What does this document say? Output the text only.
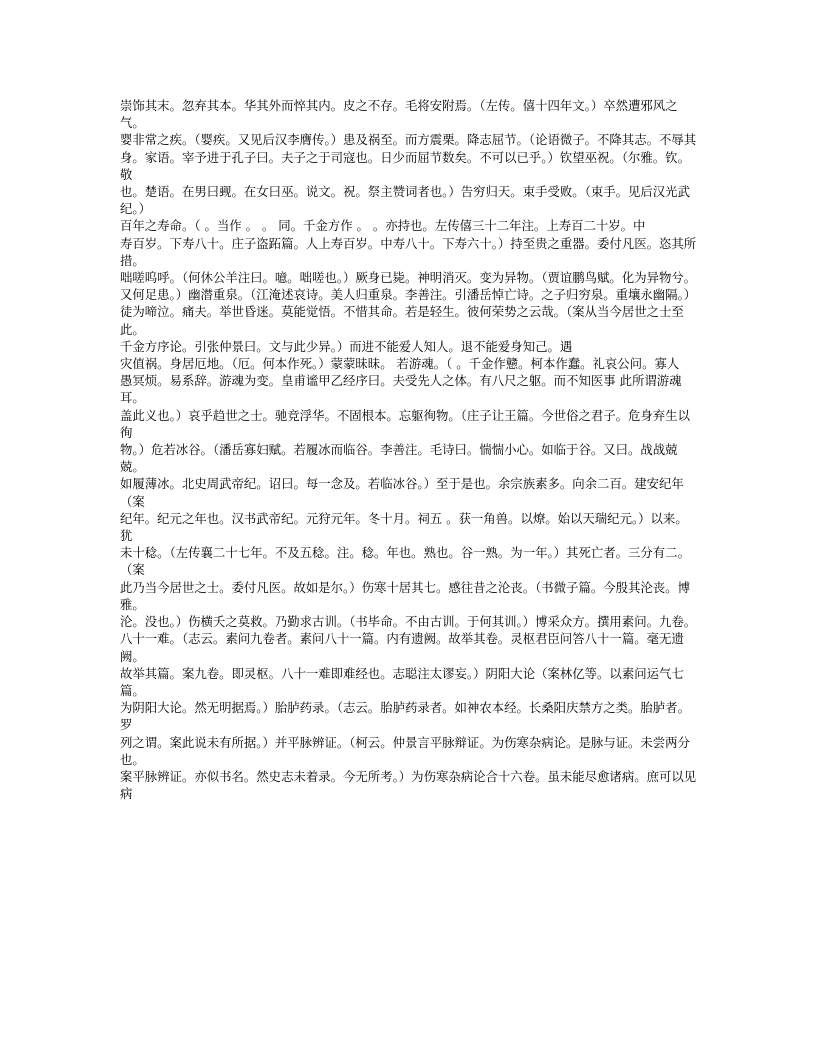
崇饰其末。忽弃其本。华其外而悴其内。皮之不存。毛将安附焉。（左传。僖十四年文。）卒然遭邪风之气。

婴非常之疾。（婴疾。又见后汉李膺传。）患及祸至。而方震栗。降志屈节。（论语微子。不降其志。不辱其

身。家语。宰予进于孔子曰。夫子之于司寇也。日少而屈节数矣。不可以已乎。）钦望巫祝。（尔雅。钦。敬

也。楚语。在男曰觋。在女曰巫。说文。祝。祭主赞词者也。）告穷归天。束手受败。（束手。见后汉光武纪。）

百年之寿命。（ 。当作 。 。 同。千金方作 。 。亦持也。左传僖三十二年注。上寿百二十岁。中

寿百岁。下寿八十。庄子盗跖篇。人上寿百岁。中寿八十。下寿六十。）持至贵之重器。委付凡医。恣其所措。

咄嗟呜呼。（何休公羊注曰。噫。咄嗟也。）厥身已毙。神明消灭。变为异物。（贾谊鹏鸟赋。化为异物兮。

又何足患。）幽潜重泉。（江淹述哀诗。美人归重泉。李善注。引潘岳悼亡诗。之子归穷泉。重壤永幽隔。）

徒为啼泣。痛夫。举世昏迷。莫能觉悟。不惜其命。若是轻生。彼何荣势之云哉。（案从当今居世之士至此。

千金方序论。引张仲景曰。文与此少异。）而进不能爱人知人。退不能爱身知己。遇

灾值祸。身居厄地。（厄。何本作死。）蒙蒙昧昧。 若游魂。（ 。千金作戆。柯本作蠢。礼哀公问。寡人

愚冥烦。易系辞。游魂为变。皇甫谧甲乙经序曰。夫受先人之体。有八尺之躯。而不知医事 此所谓游魂耳。

盖此义也。）哀乎趋世之士。驰竞浮华。不固根本。忘躯徇物。（庄子让王篇。今世俗之君子。危身弃生以徇

物。）危若冰谷。（潘岳寡妇赋。若履冰而临谷。李善注。毛诗曰。惴惴小心。如临于谷。又曰。战战兢兢。

如履薄冰。北史周武帝纪。诏曰。每一念及。若临冰谷。）至于是也。余宗族素多。向余二百。建安纪年（案

纪年。纪元之年也。汉书武帝纪。元狩元年。冬十月。祠五 。获一角兽。以燎。始以天瑞纪元。）以来。犹

未十稔。（左传襄二十七年。不及五稔。注。稔。年也。熟也。谷一熟。为一年。）其死亡者。三分有二。（案

此乃当今居世之士。委付凡医。故如是尔。）伤寒十居其七。感往昔之沦丧。（书微子篇。今殷其沦丧。博雅。

沦。没也。）伤横夭之莫救。乃勤求古训。（书毕命。不由古训。于何其训。）博采众方。撰用素问。九卷。

八十一难。（志云。素问九卷者。素问八十一篇。内有遗阙。故举其卷。灵枢君臣问答八十一篇。毫无遗阙。

故举其篇。案九卷。即灵枢。八十一难即难经也。志聪注太谬妄。）阴阳大论（案林亿等。以素问运气七篇。

为阴阳大论。然无明据焉。）胎胪药录。（志云。胎胪药录者。如神农本经。长桑阳庆禁方之类。胎胪者。罗

列之谓。案此说未有所据。）并平脉辨证。（柯云。仲景言平脉辩证。为伤寒杂病论。是脉与证。未尝两分也。

案平脉辨证。亦似书名。然史志未着录。今无所考。）为伤寒杂病论合十六卷。虽未能尽愈诸病。庶可以见病
